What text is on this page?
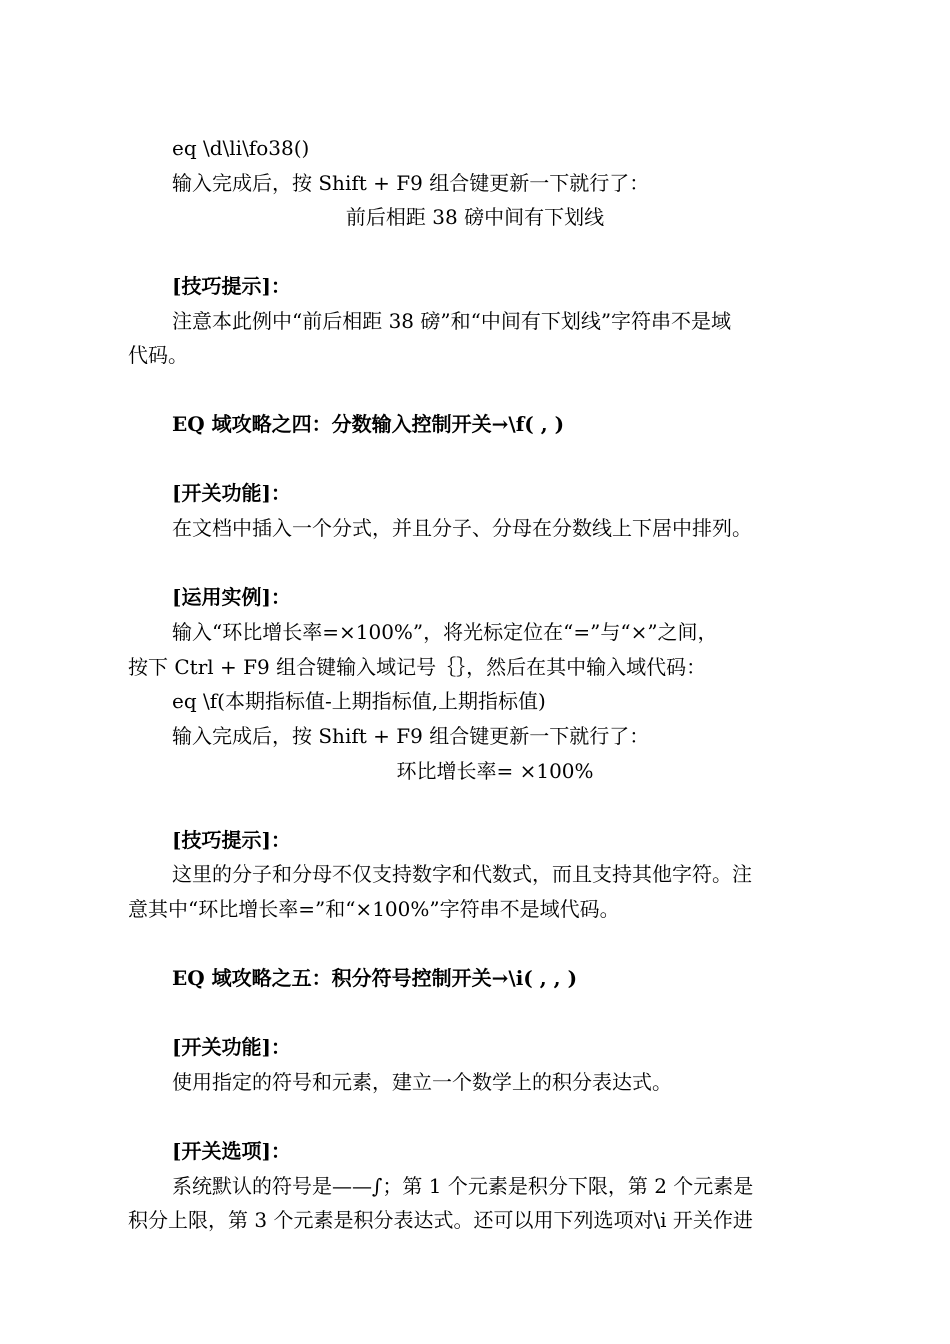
eq \d\li\fo38()
输入完成后，按 Shift + F9 组合键更新一下就行了：
前后相距 38 磅中间有下划线
[技巧提示]：
注意本此例中“前后相距 38 磅”和“中间有下划线”字符串不是域
代码。
EQ 域攻略之四：分数输入控制开关→\f( , )
[开关功能]：
在文档中插入一个分式，并且分子、分母在分数线上下居中排列。
[运用实例]：
输入“环比增长率=×100%”，将光标定位在“=”与“×”之间，
按下 Ctrl + F9 组合键输入域记号｛｝，然后在其中输入域代码：
eq \f(本期指标值-上期指标值,上期指标值)
输入完成后，按 Shift + F9 组合键更新一下就行了：
环比增长率= ×100%
[技巧提示]：
这里的分子和分母不仅支持数字和代数式，而且支持其他字符。注
意其中“环比增长率=”和“×100%”字符串不是域代码。
EQ 域攻略之五：积分符号控制开关→\i( , , )
[开关功能]：
使用指定的符号和元素，建立一个数学上的积分表达式。
[开关选项]：
系统默认的符号是——∫；第 1 个元素是积分下限，第 2 个元素是
积分上限，第 3 个元素是积分表达式。还可以用下列选项对\i 开关作进
